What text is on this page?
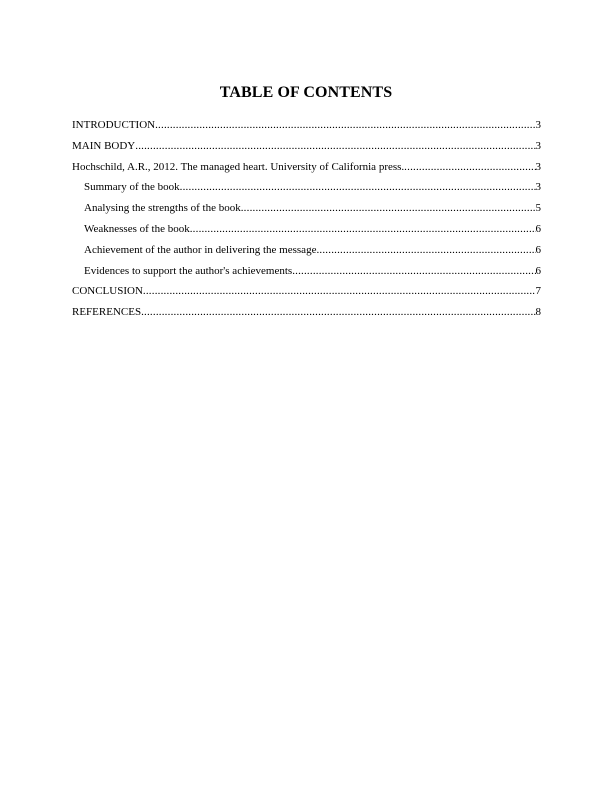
TABLE OF CONTENTS
INTRODUCTION .....	3
MAIN BODY .....	3
Hochschild, A.R., 2012. The managed heart. University of California press. .....	3
Summary of the book .....	3
Analysing the strengths of the book .....	5
Weaknesses of the book .....	6
Achievement of the author in delivering the message .....	6
Evidences to support the author's achievements .....	6
CONCLUSION .....	7
REFERENCES .....	8
